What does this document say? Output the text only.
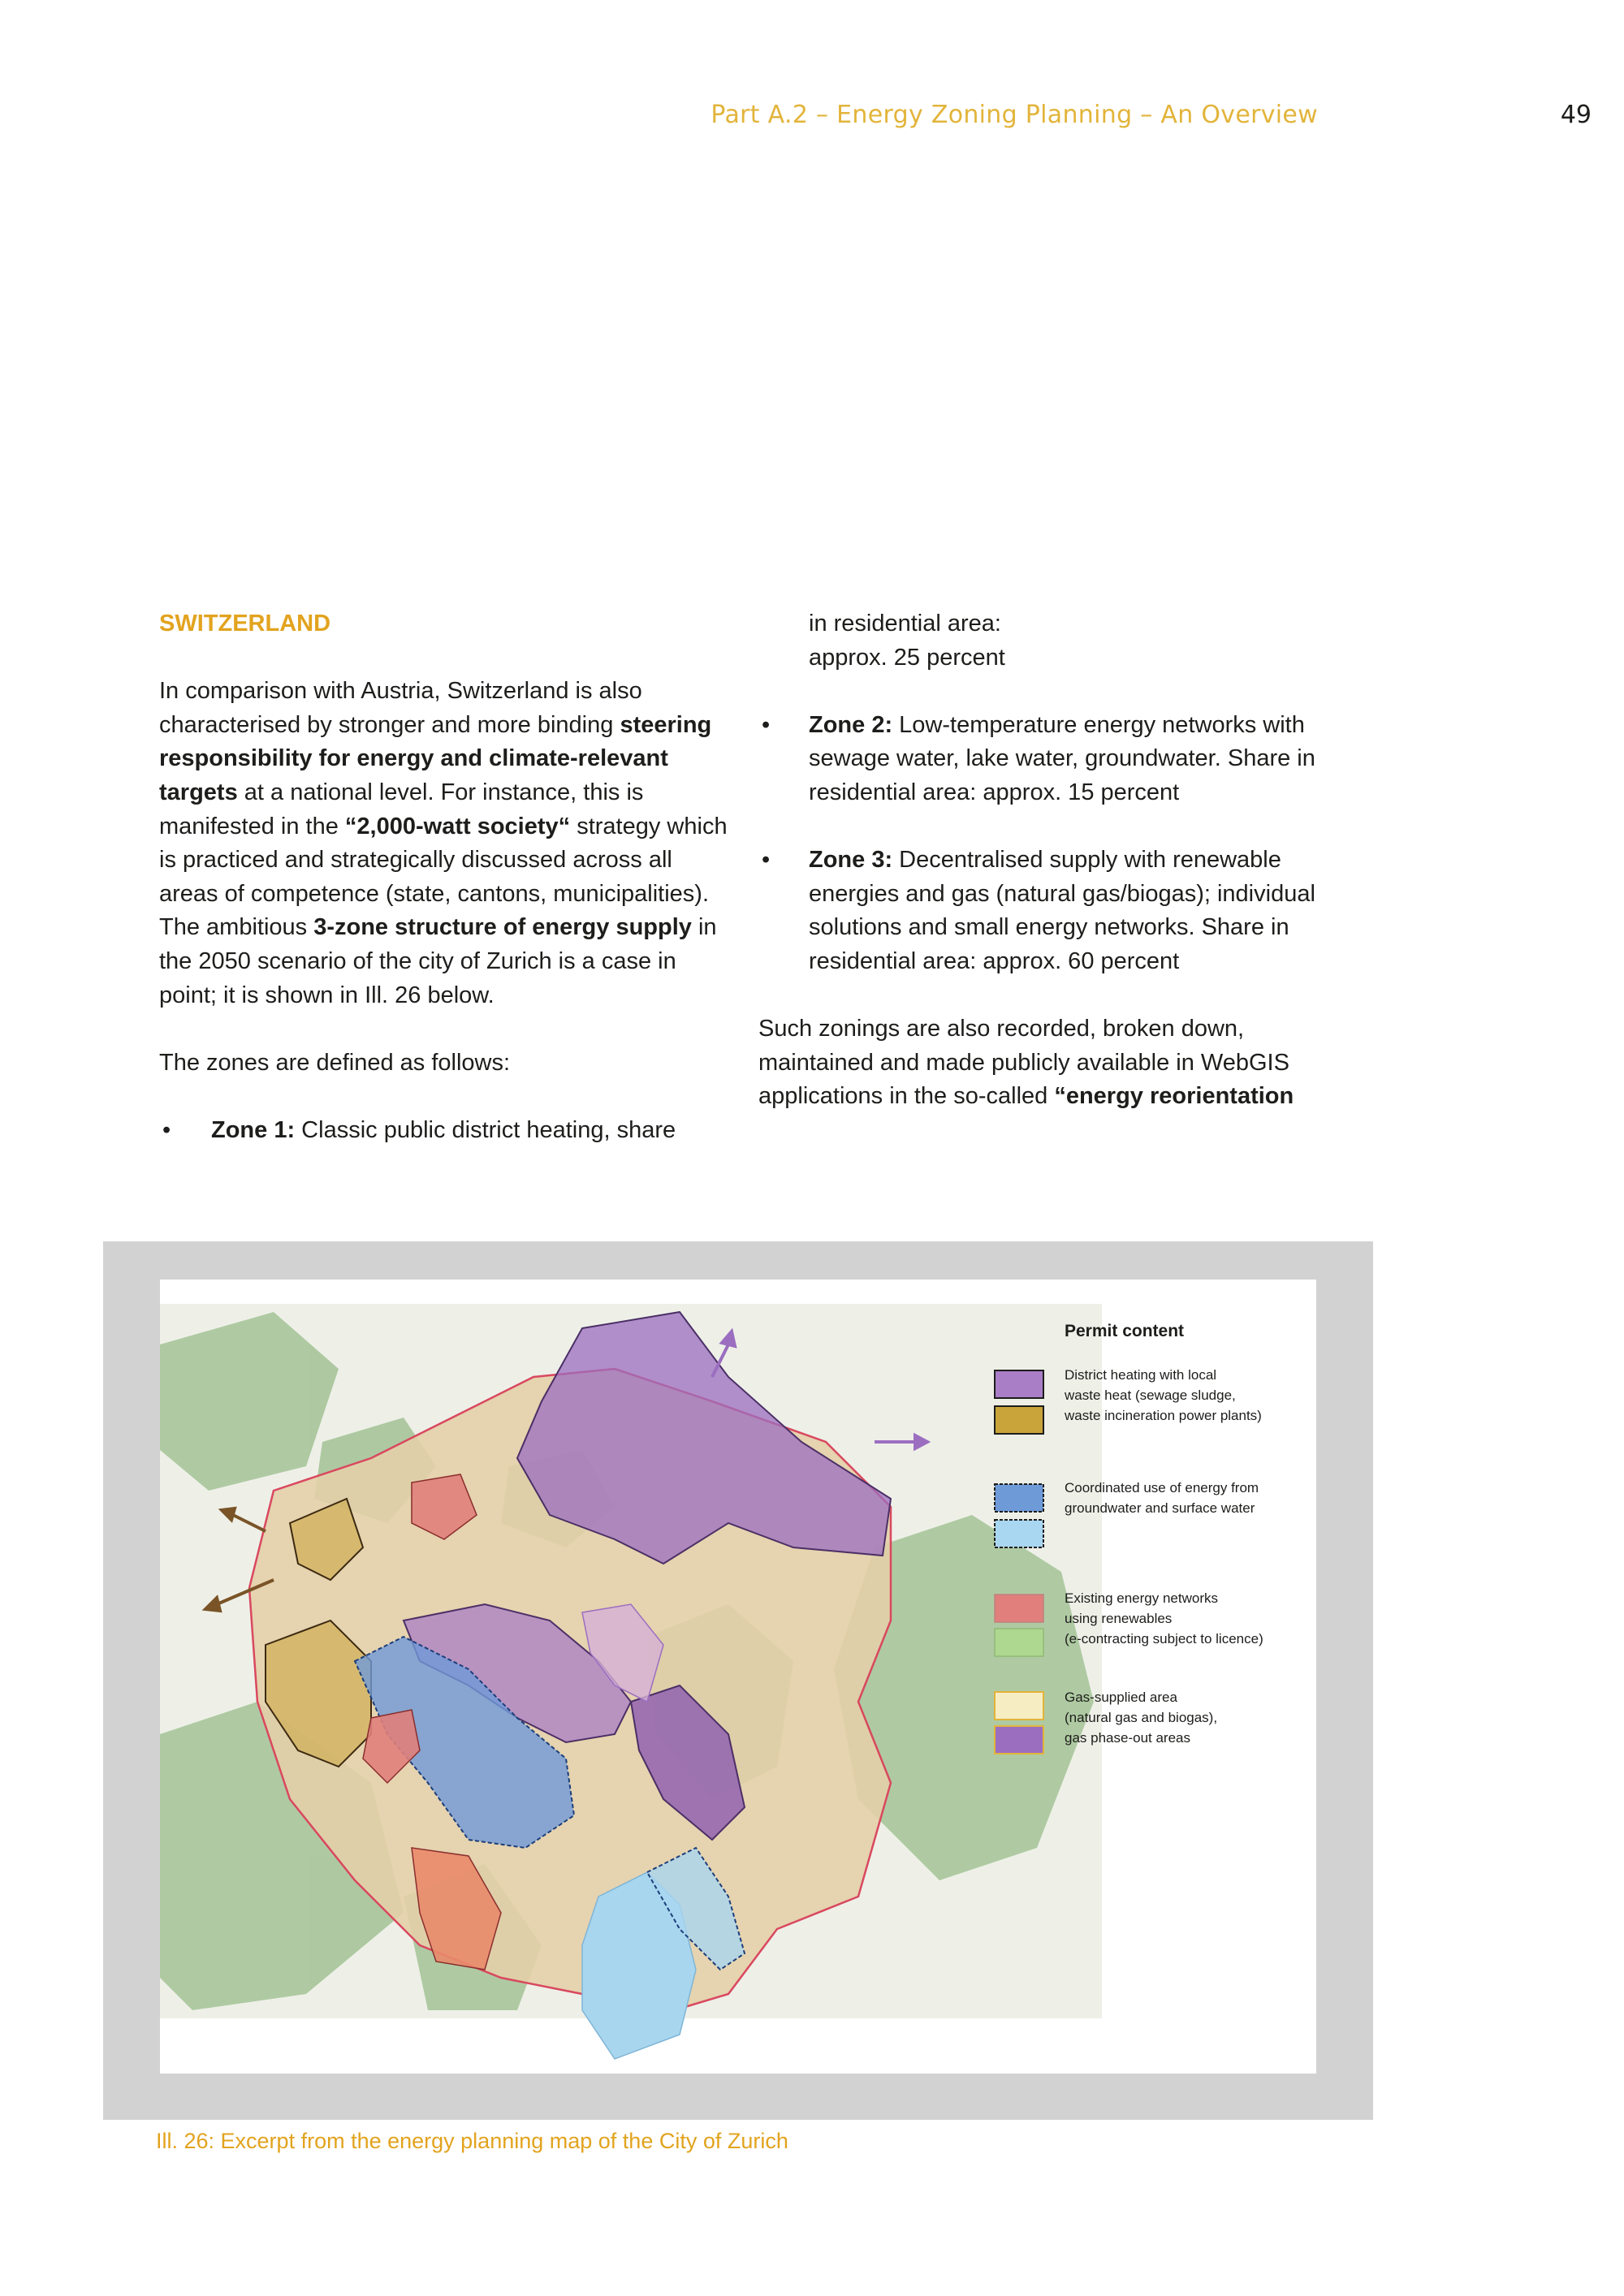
Part A.2 – Energy Zoning Planning – An Overview	49
SWITZERLAND

In comparison with Austria, Switzerland is also characterised by stronger and more binding steering responsibility for energy and climate-relevant targets at a national level. For instance, this is manifested in the “2,000-watt society“ strategy which is practiced and strategically discussed across all areas of competence (state, cantons, municipalities). The ambitious 3-zone structure of energy supply in the 2050 scenario of the city of Zurich is a case in point; it is shown in Ill. 26 below.

The zones are defined as follows:

• Zone 1: Classic public district heating, share
in residential area: approx. 25 percent
• Zone 2: Low-temperature energy networks with sewage water, lake water, groundwater. Share in residential area: approx. 15 percent
• Zone 3: Decentralised supply with renewable energies and gas (natural gas/biogas); individual solutions and small energy networks. Share in residential area: approx. 60 percent

Such zonings are also recorded, broken down, maintained and made publicly available in WebGIS applications in the so-called “energy reorientation

Permit content
District heating with local
waste heat (sewage sludge,
waste incineration power plants)
Coordinated use of energy from
groundwater and surface water
Existing energy networks
using renewables
(e-contracting subject to licence)
Gas-supplied area
(natural gas and biogas),
gas phase-out areas
Ill. 26: Excerpt from the energy planning map of the City of Zurich
